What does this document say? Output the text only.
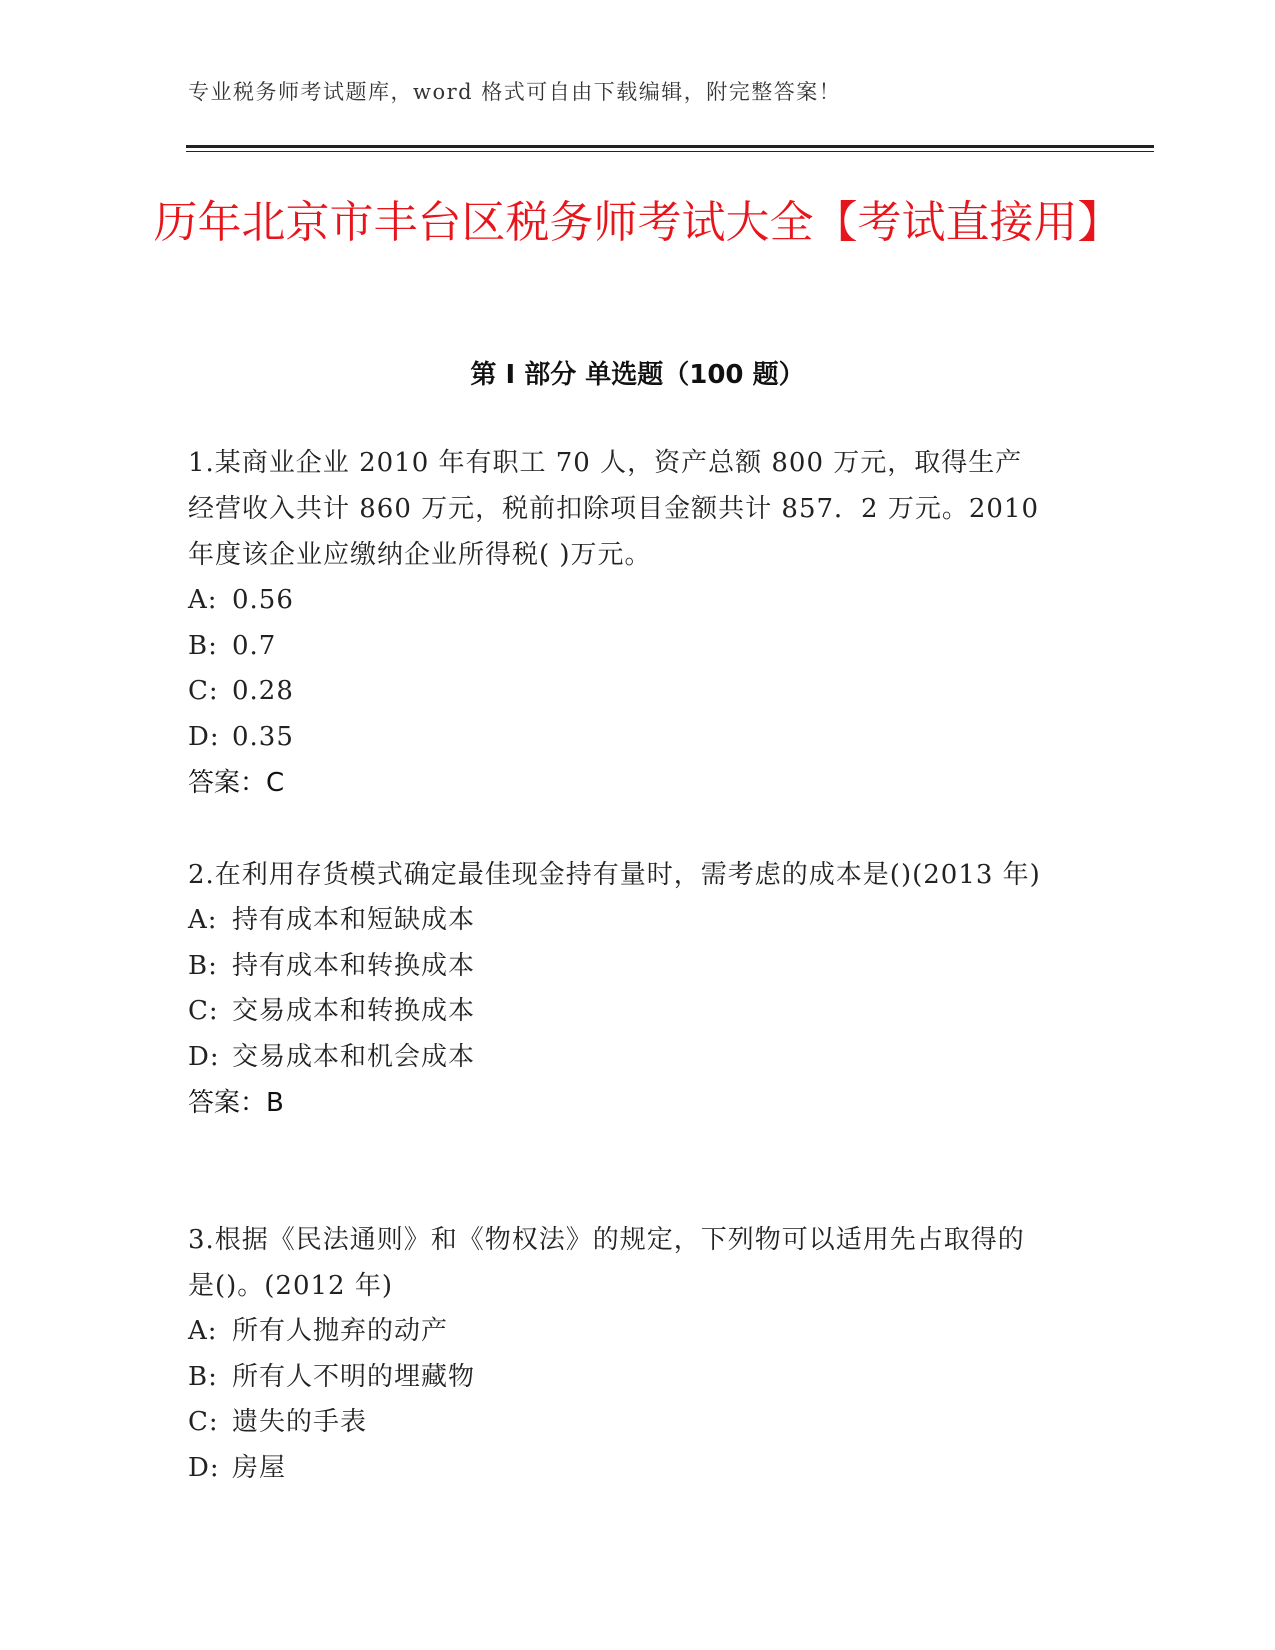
专业税务师考试题库，word 格式可自由下载编辑，附完整答案！
历年北京市丰台区税务师考试大全【考试直接用】
第 I 部分 单选题（100 题）

1.某商业企业 2010 年有职工 70 人，资产总额 800 万元，取得生产经营收入共计 860 万元，税前扣除项目金额共计 857．2 万元。2010 年度该企业应缴纳企业所得税( )万元。

A: 0.56

B: 0.7

C: 0.28

D: 0.35

答案：C

2.在利用存货模式确定最佳现金持有量时，需考虑的成本是()(2013 年)

A: 持有成本和短缺成本

B: 持有成本和转换成本

C: 交易成本和转换成本

D: 交易成本和机会成本

答案：B

3.根据《民法通则》和《物权法》的规定，下列物可以适用先占取得的是()。(2012 年)

A: 所有人抛弃的动产

B: 所有人不明的埋藏物

C: 遗失的手表

D: 房屋
